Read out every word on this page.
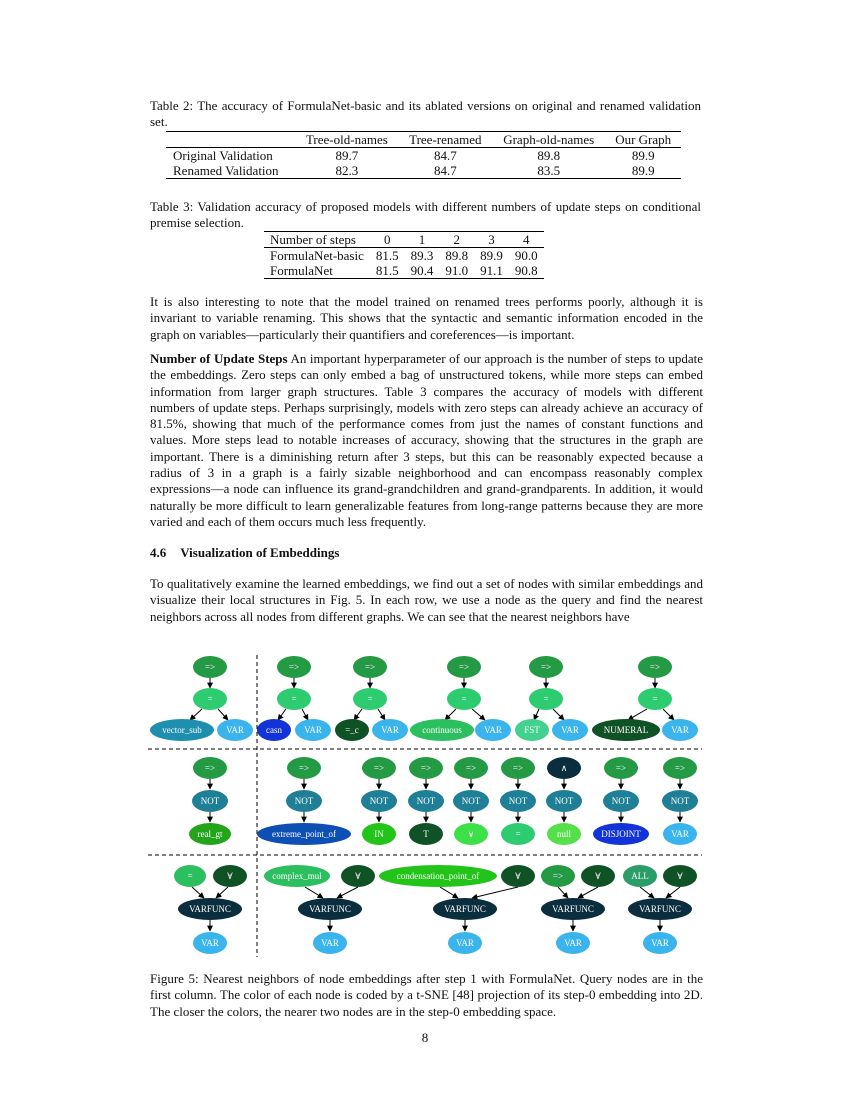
Table 2: The accuracy of FormulaNet-basic and its ablated versions on original and renamed validation set.
	Tree-old-names	Tree-renamed	Graph-old-names	Our Graph
Original Validation	89.7	84.7	89.8	89.9
Renamed Validation	82.3	84.7	83.5	89.9
Table 3: Validation accuracy of proposed models with different numbers of update steps on conditional premise selection.
Number of steps	0	1	2	3	4
FormulaNet-basic	81.5	89.3	89.8	89.9	90.0
FormulaNet	81.5	90.4	91.0	91.1	90.8
It is also interesting to note that the model trained on renamed trees performs poorly, although it is invariant to variable renaming. This shows that the syntactic and semantic information encoded in the graph on variables—particularly their quantifiers and coreferences—is important.
Number of Update Steps An important hyperparameter of our approach is the number of steps to update the embeddings. Zero steps can only embed a bag of unstructured tokens, while more steps can embed information from larger graph structures. Table 3 compares the accuracy of models with different numbers of update steps. Perhaps surprisingly, models with zero steps can already achieve an accuracy of 81.5%, showing that much of the performance comes from just the names of constant functions and values. More steps lead to notable increases of accuracy, showing that the structures in the graph are important. There is a diminishing return after 3 steps, but this can be reasonably expected because a radius of 3 in a graph is a fairly sizable neighborhood and can encompass reasonably complex expressions—a node can influence its grand-grandchildren and grand-grandparents. In addition, it would naturally be more difficult to learn generalizable features from long-range patterns because they are more varied and each of them occurs much less frequently.
4.6 Visualization of Embeddings
To qualitatively examine the learned embeddings, we find out a set of nodes with similar embeddings and visualize their local structures in Fig. 5. In each row, we use a node as the query and find the nearest neighbors across all nodes from different graphs. We can see that the nearest neighbors have
=>
=
vector_sub	VAR
=>
=
casn VAR
=>
=
=_c VAR
=>
=
continuous VAR
=>
=
FST VAR
=>
=
NUMERAL	VAR
=>
NOT
real_gt
=>
NOT
extreme_point_of
=>
NOT
IN
=>
NOT
T
=>
NOT
∨
=>
NOT
=
∧
NOT
null
=>
NOT
DISJOINT
=>
NOT
VAR
=	∀
VARFUNC
VAR
complex_mul	∀
VARFUNC
VAR
condensation_point_of	∀
VARFUNC
VAR
=>	∀
VARFUNC
VAR
ALL	∀
VARFUNC
VAR
Figure 5: Nearest neighbors of node embeddings after step 1 with FormulaNet. Query nodes are in the first column. The color of each node is coded by a t-SNE [48] projection of its step-0 embedding into 2D. The closer the colors, the nearer two nodes are in the step-0 embedding space.
8
